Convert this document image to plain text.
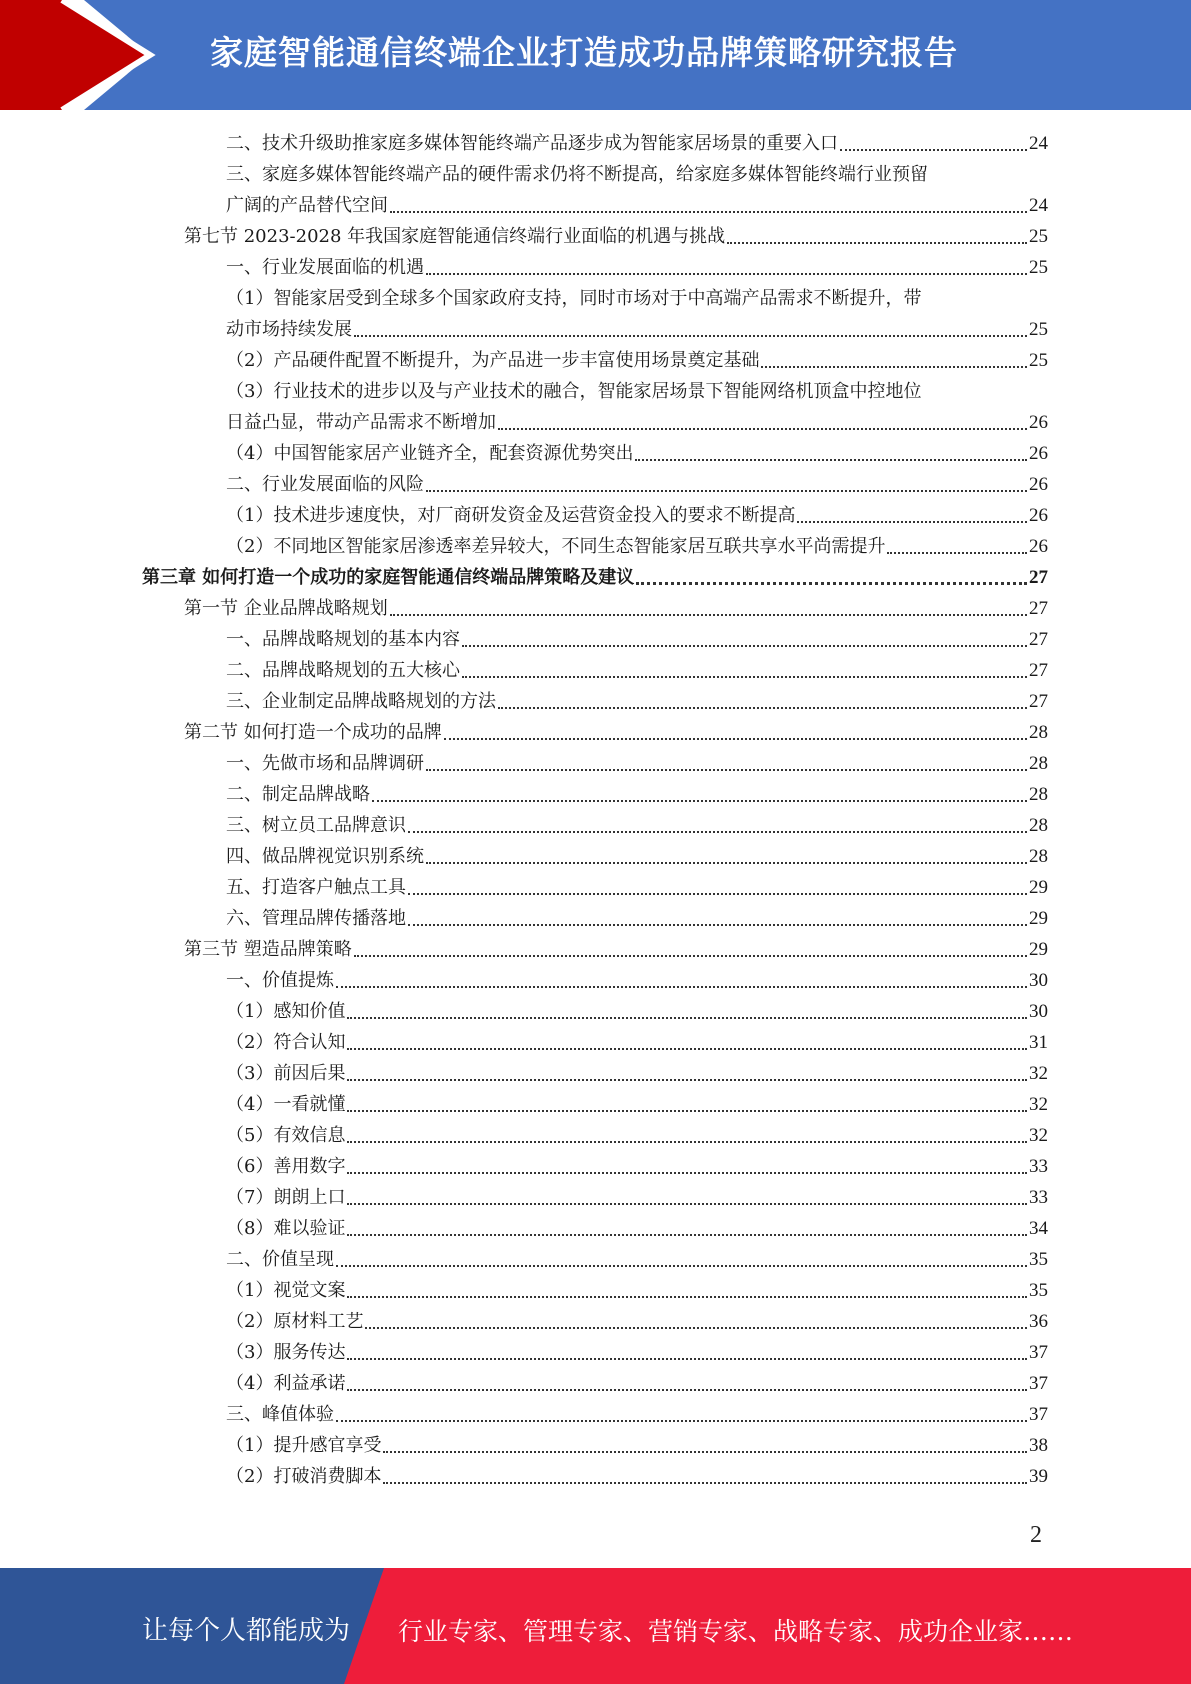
家庭智能通信终端企业打造成功品牌策略研究报告
二、技术升级助推家庭多媒体智能终端产品逐步成为智能家居场景的重要入口	24
三、家庭多媒体智能终端产品的硬件需求仍将不断提高，给家庭多媒体智能终端行业预留
广阔的产品替代空间	24
第七节 2023-2028 年我国家庭智能通信终端行业面临的机遇与挑战	25
一、行业发展面临的机遇	25
（1）智能家居受到全球多个国家政府支持，同时市场对于中高端产品需求不断提升，带
动市场持续发展	25
（2）产品硬件配置不断提升，为产品进一步丰富使用场景奠定基础	25
（3）行业技术的进步以及与产业技术的融合，智能家居场景下智能网络机顶盒中控地位
日益凸显，带动产品需求不断增加	26
（4）中国智能家居产业链齐全，配套资源优势突出	26
二、行业发展面临的风险	26
（1）技术进步速度快，对厂商研发资金及运营资金投入的要求不断提高	26
（2）不同地区智能家居渗透率差异较大，不同生态智能家居互联共享水平尚需提升	26
第三章 如何打造一个成功的家庭智能通信终端品牌策略及建议	27
第一节 企业品牌战略规划	27
一、品牌战略规划的基本内容	27
二、品牌战略规划的五大核心	27
三、企业制定品牌战略规划的方法	27
第二节 如何打造一个成功的品牌	28
一、先做市场和品牌调研	28
二、制定品牌战略	28
三、树立员工品牌意识	28
四、做品牌视觉识别系统	28
五、打造客户触点工具	29
六、管理品牌传播落地	29
第三节 塑造品牌策略	29
一、价值提炼	30
（1）感知价值	30
（2）符合认知	31
（3）前因后果	32
（4）一看就懂	32
（5）有效信息	32
（6）善用数字	33
（7）朗朗上口	33
（8）难以验证	34
二、价值呈现	35
（1）视觉文案	35
（2）原材料工艺	36
（3）服务传达	37
（4）利益承诺	37
三、峰值体验	37
（1）提升感官享受	38
（2）打破消费脚本	39
2
让每个人都能成为 行业专家、管理专家、营销专家、战略专家、成功企业家……
